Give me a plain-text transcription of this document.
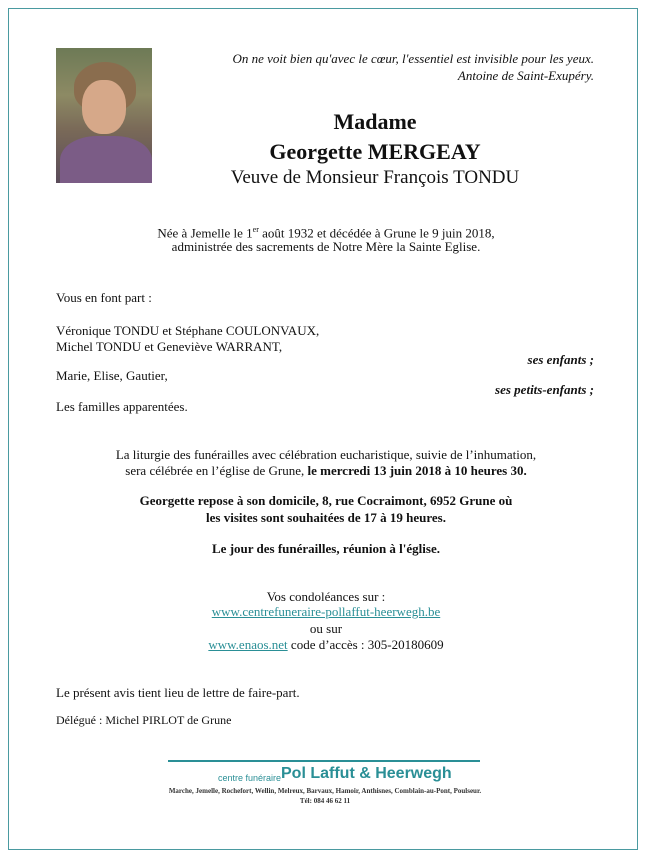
On ne voit bien qu'avec le cœur, l'essentiel est invisible pour les yeux.
Antoine de Saint-Exupéry.
Madame
Georgette MERGEAY
Veuve de Monsieur François TONDU
Née à Jemelle le 1er août 1932 et décédée à Grune le 9 juin 2018,
administrée des sacrements de Notre Mère la Sainte Eglise.
Vous en font part :
Véronique TONDU et Stéphane COULONVAUX,
Michel TONDU et Geneviève WARRANT,
ses enfants ;
Marie, Elise, Gautier,
ses petits-enfants ;
Les familles apparentées.
La liturgie des funérailles avec célébration eucharistique, suivie de l’inhumation,
sera célébrée en l’église de Grune, le mercredi 13 juin 2018 à 10 heures 30.
Georgette repose à son domicile, 8, rue Cocraimont, 6952 Grune où
les visites sont souhaitées de 17 à 19 heures.
Le jour des funérailles, réunion à l'église.
Vos condoléances sur :
www.centrefuneraire-pollaffut-heerwegh.be
ou sur
www.enaos.net code d’accès : 305-20180609
Le présent avis tient lieu de lettre de faire-part.
Délégué : Michel PIRLOT de Grune
centre funéraire Pol Laffut & Heerwegh
Marche, Jemelle, Rochefort, Wellin, Melreux, Barvaux, Hamoir, Anthisnes, Comblain-au-Pont, Poulseur.
Tél: 084 46 62 11
